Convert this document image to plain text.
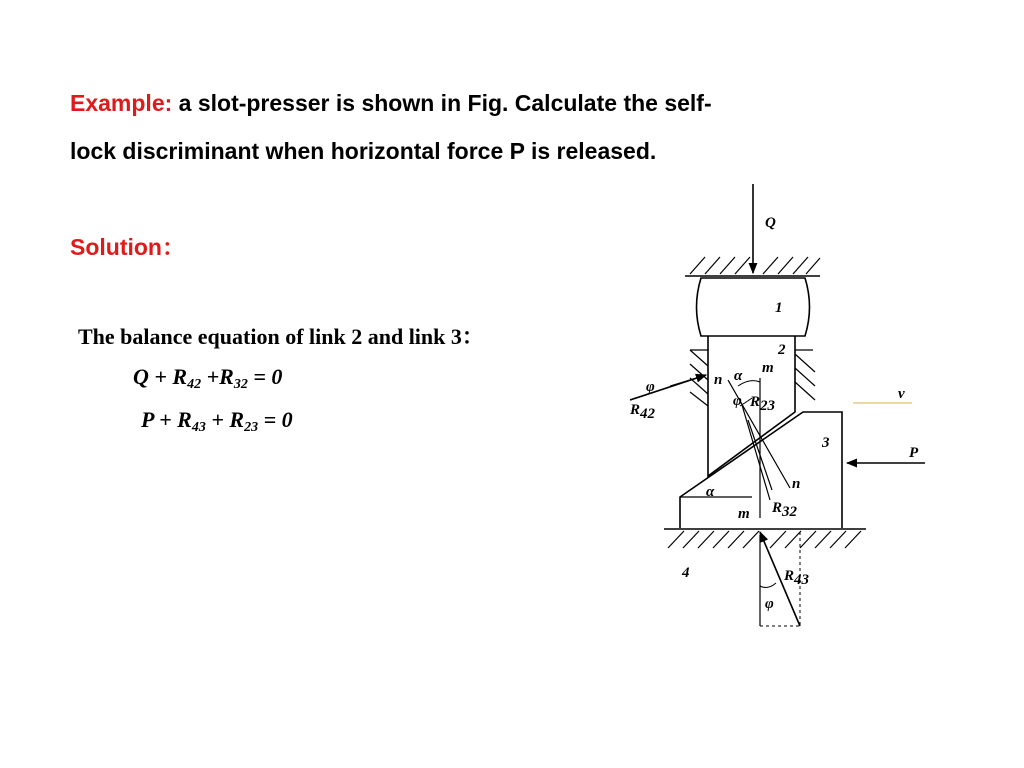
Example: a slot-presser is shown in Fig. Calculate the self-
lock discriminant when horizontal force P is released.
Solution：
The balance equation of link 2 and link 3：
$Q + R_{42} +R_{32} = 0$
$P + R_{43} + R_{23} = 0$
Q
1
2
m
α
n
φ
φ R23
R42
v
3
P
n
α
R32
m
4	R43
φ
